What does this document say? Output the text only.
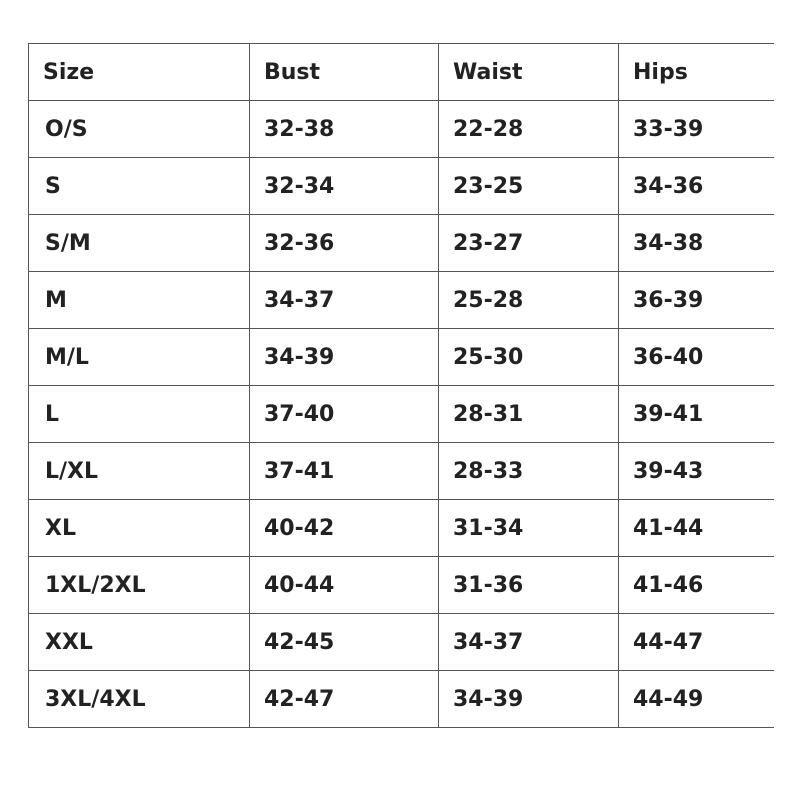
Size	Bust	Waist	Hips
O/S	32-38	22-28	33-39
S	32-34	23-25	34-36
S/M	32-36	23-27	34-38
M	34-37	25-28	36-39
M/L	34-39	25-30	36-40
L	37-40	28-31	39-41
L/XL	37-41	28-33	39-43
XL	40-42	31-34	41-44
1XL/2XL	40-44	31-36	41-46
XXL	42-45	34-37	44-47
3XL/4XL	42-47	34-39	44-49
